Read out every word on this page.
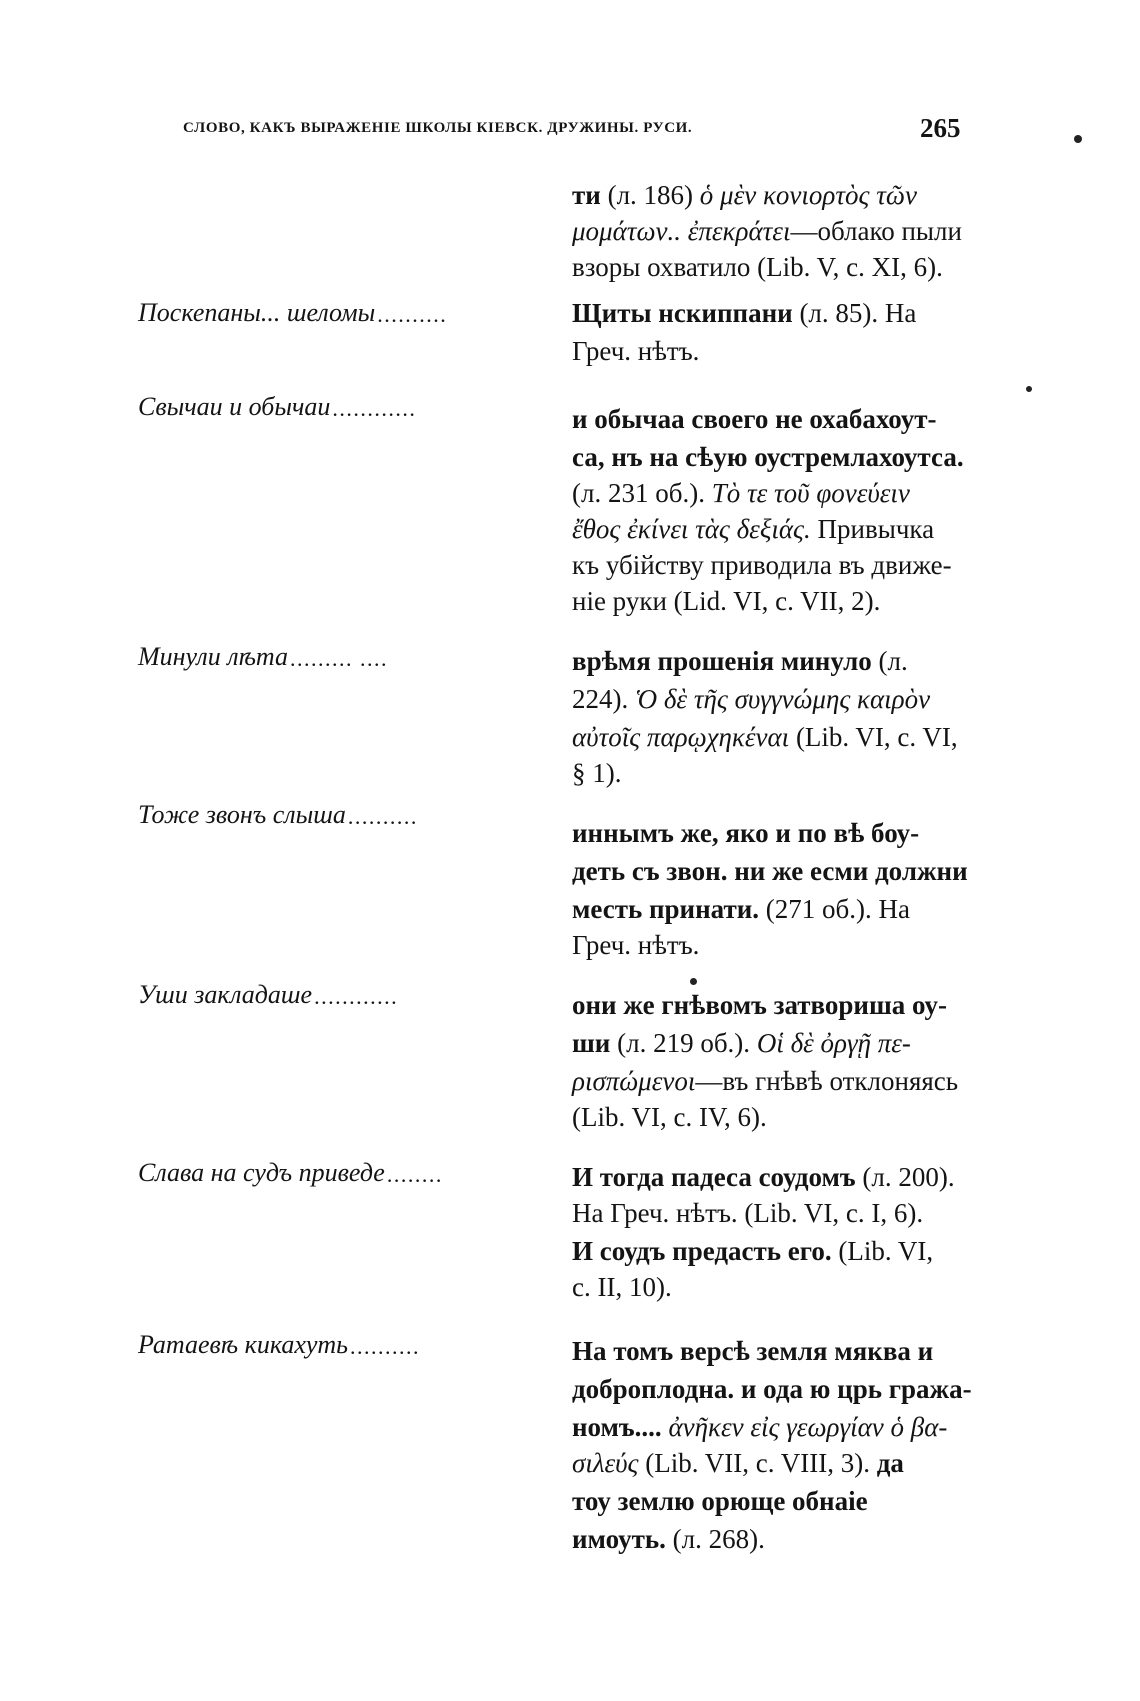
СЛОВО, КАКЪ ВЫРАЖЕНІЕ ШКОЛЫ КІЕВСК. ДРУЖИНЫ. РУСИ.	265
ти (л. 186) ὁ μὲν κονιορτὸς τῶν
μομάτων.. ἐπεκράτει—облако пыли
взоры охватило (Lib. V, c. XI, 6).
Поскепаны... шеломы ..........	Щиты нскиппани (л. 85). На
Греч. нѣтъ.
Свычаи и обычаи ............	и обычаа своего не охабахоут-
са, нъ на сѣую оустремлахоутса.
(л. 231 об.). Τὸ τε τοῦ φονεύειν
ἔθος ἐκίνει τὰς δεξιάς. Привычка
къ убійству приводила въ движе-
ніе руки (Lid. VI, c. VII, 2).
Минули лѣта ......... ....	врѣмя прошенія минуло (л.
224). Ὁ δὲ τῆς συγγνώμης καιρὸν
αὐτοῖς παρῳχηκέναι (Lib. VI, c. VI,
§ 1).
Тоже звонъ слыша ..........
иннымъ же, яко и по вѣ боу-
деть съ звон. ни же есми должни
месть принати. (271 об.). На
Греч. нѣтъ.
Уши закладаше ............	они же гнѣвомъ затвориша оу-
ши (л. 219 об.). Οἱ δὲ ὀργῇ πε-
ρισπώμενοι—въ гнѣвѣ отклоняясь
(Lib. VI, c. IV, 6).
Слава на судъ приведе ........	И тогда падеса соудомъ (л. 200).
На Греч. нѣтъ. (Lib. VI, c. I, 6).
И соудъ предасть его. (Lib. VI,
c. II, 10).
Ратаевѣ кикахуть ..........	На томъ версѣ земля мяква и
доброплодна. и ода ю црь гража-
номъ.... ἀνῆκεν εἰς γεωργίαν ὁ βα-
σιλεύς (Lib. VII, c. VIII, 3). да
тоу землю орюще обнаіе
имоуть. (л. 268).
